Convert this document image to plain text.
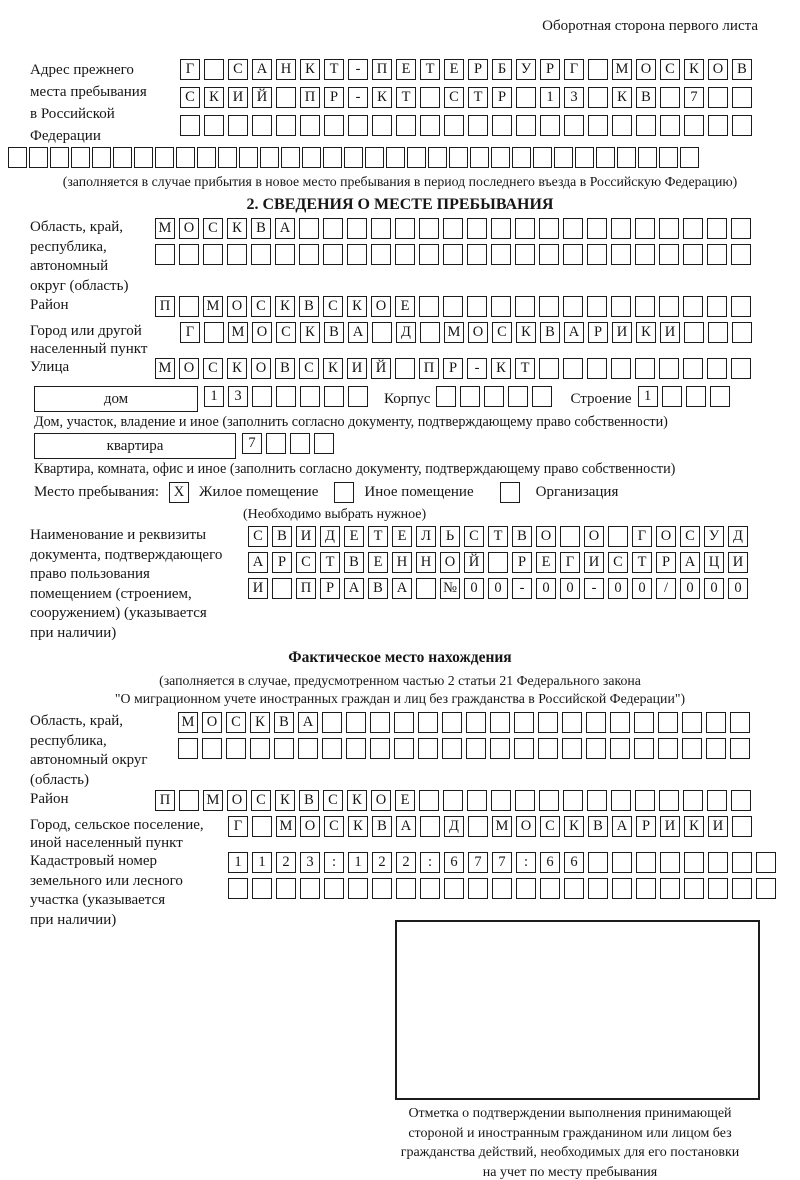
Оборотная сторона первого листа
Адрес прежнего
места пребывания
в Российской
Федерации
Г	С А Н К	Т	-	П Е	Т	Е	Р	Б	У	Р	Г	М О С К О В
С К И Й	П	Р	-	К	Т	С	Т	Р	1	3	К В	7
(заполняется в случае прибытия в новое место пребывания в период последнего въезда в Российскую Федерацию)
2. СВЕДЕНИЯ О МЕСТЕ ПРЕБЫВАНИЯ
Область, край,
республика,
автономный
округ (область)
М О С К В А
Район	П	М О С К В С К О Е
Город или другой
населенный пункт
Г	М О С К В А	Д	М О С К В А	Р	И К И
Улица	М О С К О В С К И Й	П	Р	-	К	Т
дом	1	3	Корпус	Строение 1
Дом, участок, владение и иное (заполнить согласно документу, подтверждающему право собственности)
квартира	7
Квартира, комната, офис и иное (заполнить согласно документу, подтверждающему право собственности)
Место пребывания:	X Жилое помещение	Иное помещение	Организация
(Необходимо выбрать нужное)
Наименование и реквизиты
документа, подтверждающего
право пользования
помещением (строением,
сооружением) (указывается
при наличии)
С В И Д	Е	Т	Е	Л	Ь	С	Т	В О	О	Г	О С У Д
А	Р	С	Т	В	Е Н Н О Й	Р	Е	Г	И С	Т	Р	А Ц И
И	П	Р	А В А	№ 0	0	-	0	0	-	0	0	/	0	0	0
Фактическое место нахождения
(заполняется в случае, предусмотренном частью 2 статьи 21 Федерального закона
"О миграционном учете иностранных граждан и лиц без гражданства в Российской Федерации")
Область, край,
республика,
автономный округ
(область)
М О С К В А
Район	П	М О С К В С К О Е
Город, сельское поселение,
иной населенный пункт
Г	М О С К В А	Д	М О С К В А	Р	И К И
Кадастровый номер
земельного или лесного
участка (указывается
при наличии)
1	1	2	3	:	1	2	2	:	6	7	7	:	6	6
Отметка о подтверждении выполнения принимающей
стороной и иностранным гражданином или лицом без
гражданства действий, необходимых для его постановки
на учет по месту пребывания
